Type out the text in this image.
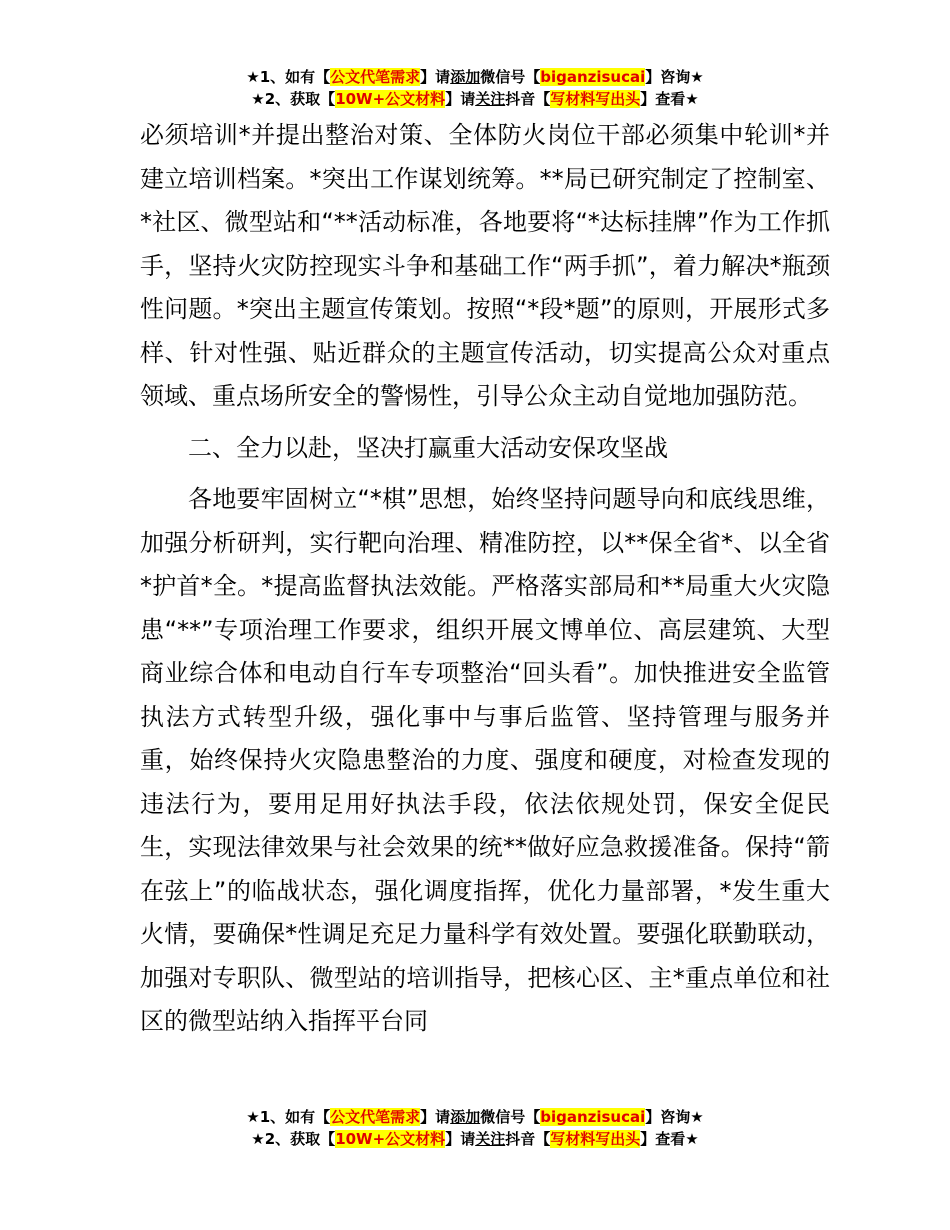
★1、如有【公文代笔需求】请添加微信号【biganzisucai】咨询★
★2、获取【10W+公文材料】请关注抖音【写材料写出头】查看★

必须培训*并提出整治对策、全体防火岗位干部必须集中轮训*并建立培训档案。*突出工作谋划统筹。**局已研究制定了控制室、*社区、微型站和“**活动标准，各地要将“*达标挂牌”作为工作抓手，坚持火灾防控现实斗争和基础工作“两手抓”，着力解决*瓶颈性问题。*突出主题宣传策划。按照“*段*题”的原则，开展形式多样、针对性强、贴近群众的主题宣传活动，切实提高公众对重点领域、重点场所安全的警惕性，引导公众主动自觉地加强防范。

二、全力以赴，坚决打赢重大活动安保攻坚战

各地要牢固树立“*棋”思想，始终坚持问题导向和底线思维，加强分析研判，实行靶向治理、精准防控，以**保全省*、以全省*护首*全。*提高监督执法效能。严格落实部局和**局重大火灾隐患“**”专项治理工作要求，组织开展文博单位、高层建筑、大型商业综合体和电动自行车专项整治“回头看”。加快推进安全监管执法方式转型升级，强化事中与事后监管、坚持管理与服务并重，始终保持火灾隐患整治的力度、强度和硬度，对检查发现的违法行为，要用足用好执法手段，依法依规处罚，保安全促民生，实现法律效果与社会效果的统**做好应急救援准备。保持“箭在弦上”的临战状态，强化调度指挥，优化力量部署，*发生重大火情，要确保*性调足充足力量科学有效处置。要强化联勤联动，加强对专职队、微型站的培训指导，把核心区、主*重点单位和社区的微型站纳入指挥平台同

★1、如有【公文代笔需求】请添加微信号【biganzisucai】咨询★
★2、获取【10W+公文材料】请关注抖音【写材料写出头】查看★
